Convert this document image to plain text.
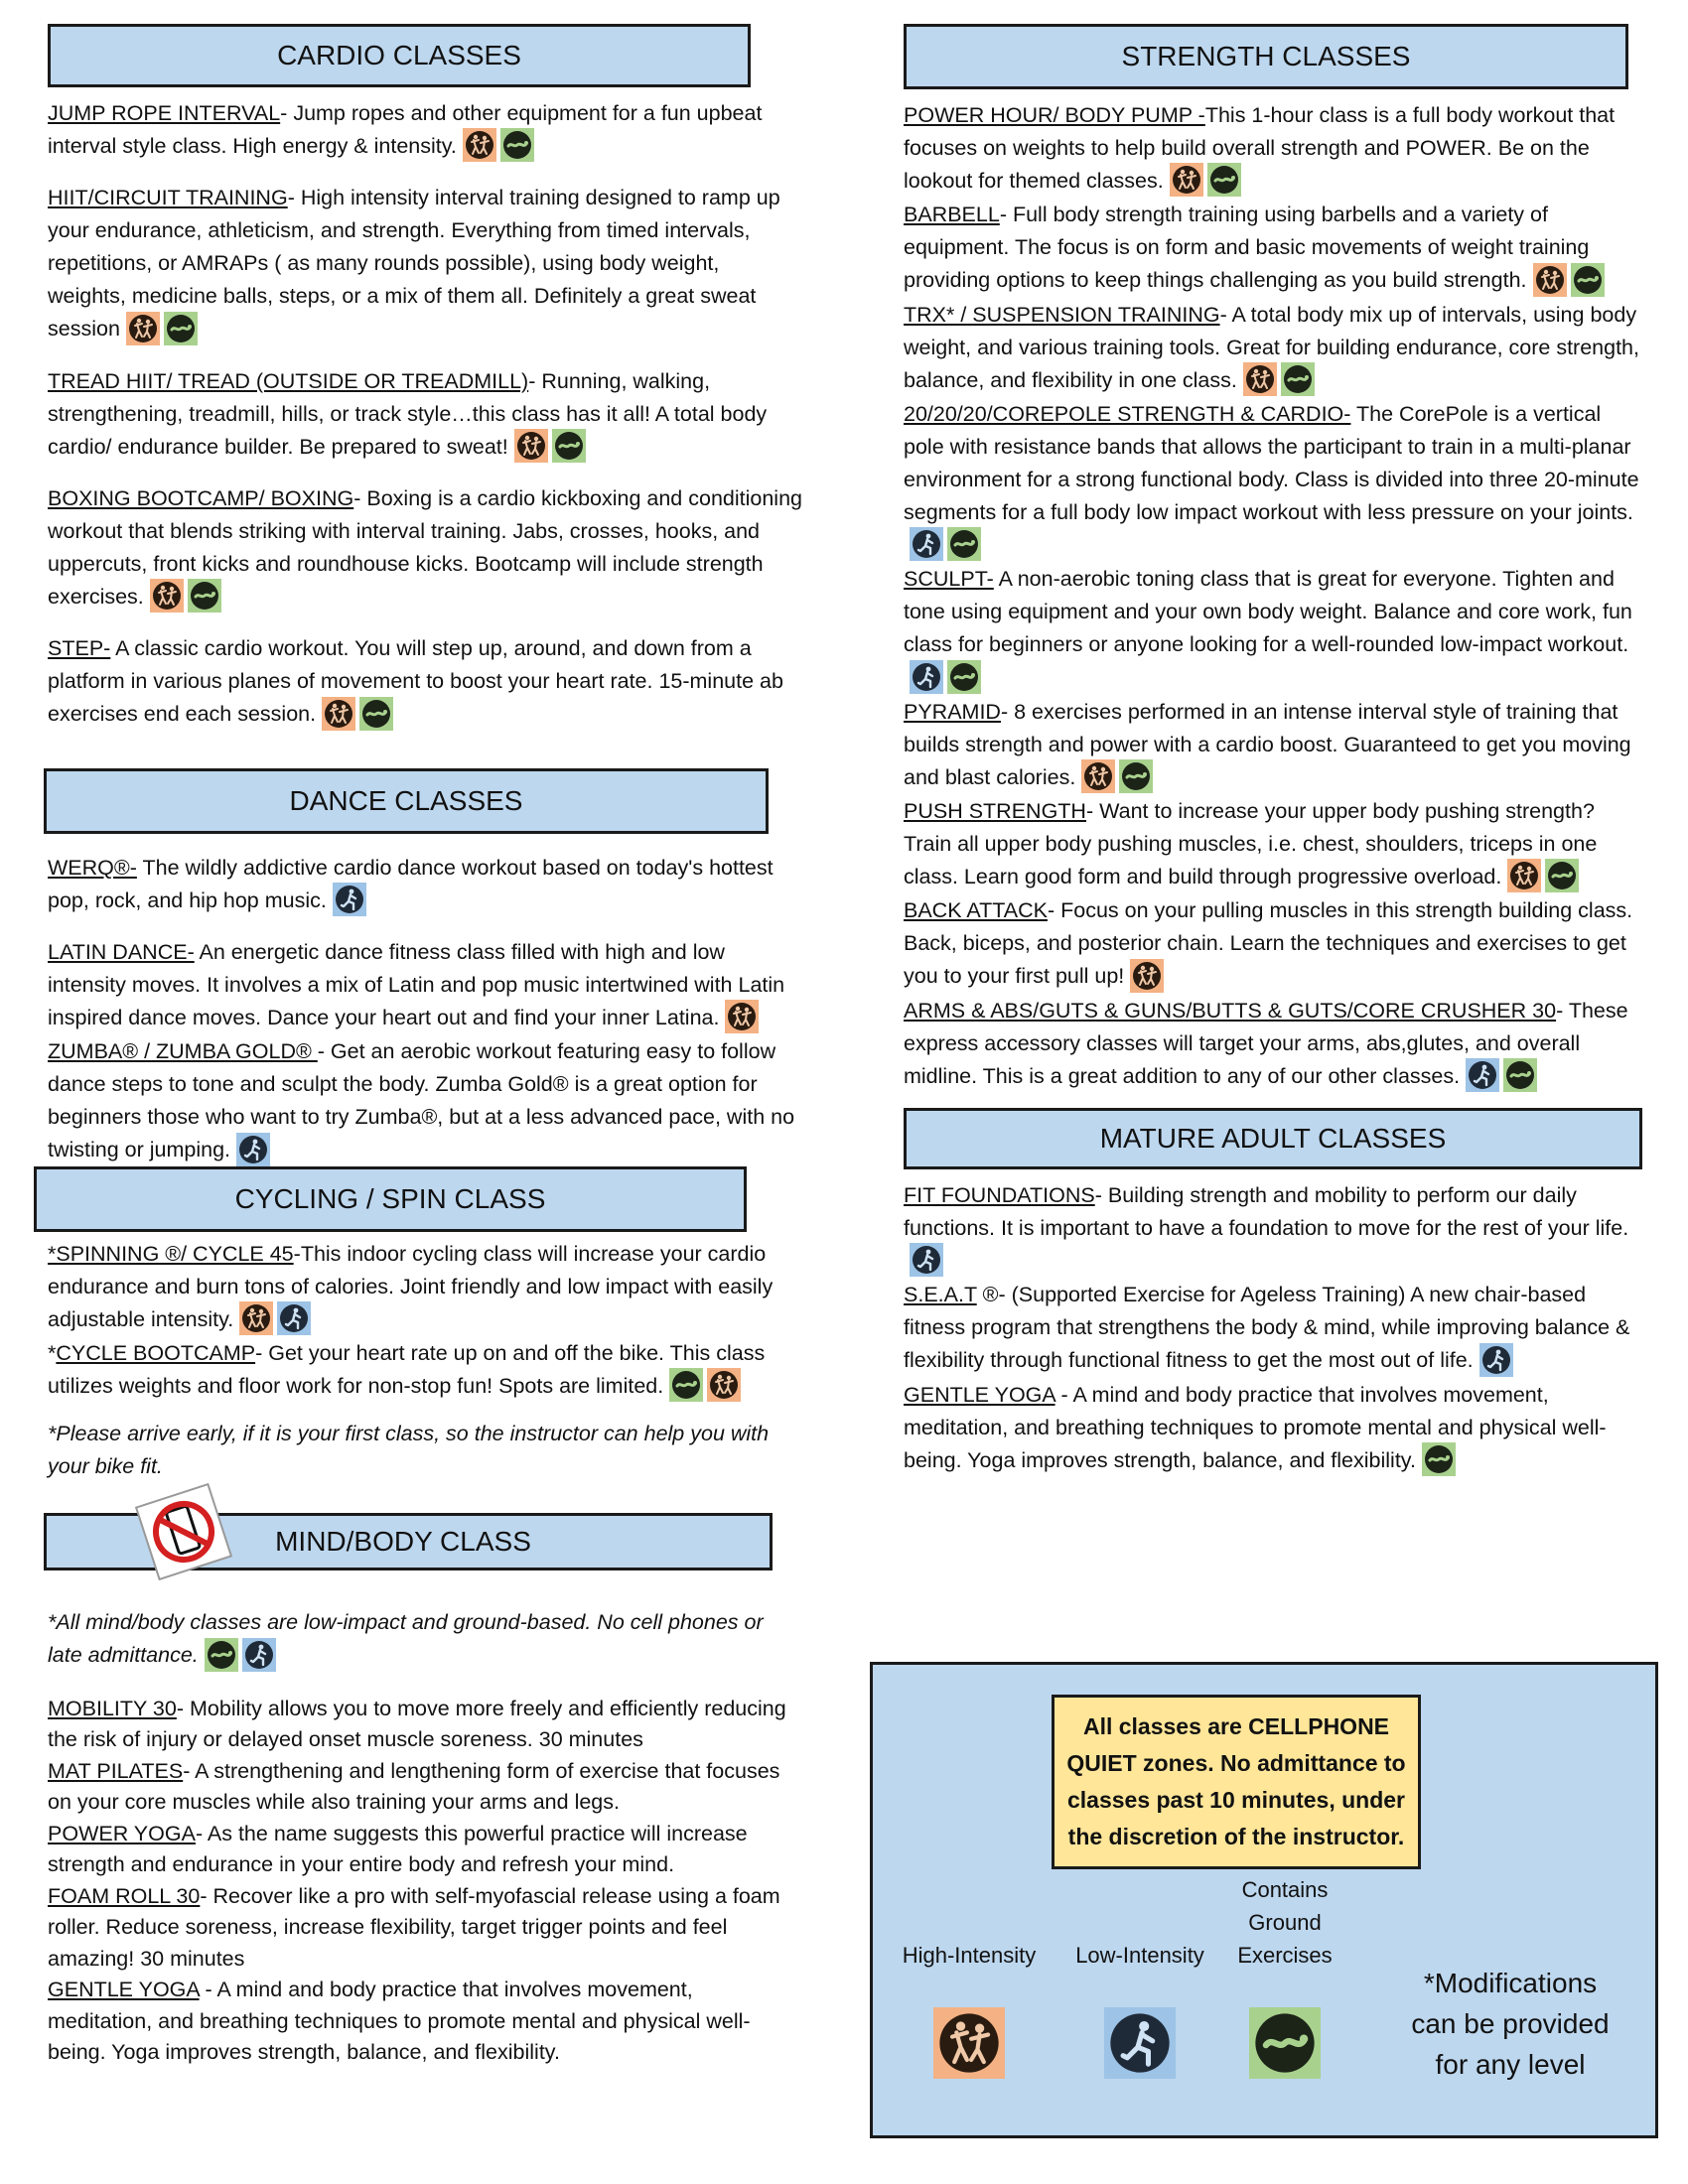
CARDIO CLASSES
JUMP ROPE INTERVAL- Jump ropes and other equipment for a fun upbeat interval style class. High energy & intensity.
HIIT/CIRCUIT TRAINING- High intensity interval training designed to ramp up your endurance, athleticism, and strength. Everything from timed intervals, repetitions, or AMRAPs ( as many rounds possible), using body weight, weights, medicine balls, steps, or a mix of them all. Definitely a great sweat session
TREAD HIIT/ TREAD (OUTSIDE OR TREADMILL)- Running, walking, strengthening, treadmill, hills, or track style…this class has it all! A total body cardio/ endurance builder. Be prepared to sweat!
BOXING BOOTCAMP/ BOXING- Boxing is a cardio kickboxing and conditioning workout that blends striking with interval training. Jabs, crosses, hooks, and uppercuts, front kicks and roundhouse kicks. Bootcamp will include strength exercises.
STEP- A classic cardio workout. You will step up, around, and down from a platform in various planes of movement to boost your heart rate. 15-minute ab exercises end each session.
DANCE CLASSES
WERQ®- The wildly addictive cardio dance workout based on today's hottest pop, rock, and hip hop music.
LATIN DANCE- An energetic dance fitness class filled with high and low intensity moves. It involves a mix of Latin and pop music intertwined with Latin inspired dance moves. Dance your heart out and find your inner Latina.
ZUMBA® / ZUMBA GOLD® - Get an aerobic workout featuring easy to follow dance steps to tone and sculpt the body. Zumba Gold® is a great option for beginners those who want to try Zumba®, but at a less advanced pace, with no twisting or jumping.
CYCLING / SPIN CLASS
*SPINNING ®/ CYCLE 45-This indoor cycling class will increase your cardio endurance and burn tons of calories. Joint friendly and low impact with easily adjustable intensity.
*CYCLE BOOTCAMP- Get your heart rate up on and off the bike. This class utilizes weights and floor work for non-stop fun! Spots are limited.
*Please arrive early, if it is your first class, so the instructor can help you with your bike fit.
MIND/BODY CLASS
*All mind/body classes are low-impact and ground-based. No cell phones or late admittance.
MOBILITY 30- Mobility allows you to move more freely and efficiently reducing the risk of injury or delayed onset muscle soreness. 30 minutes
MAT PILATES- A strengthening and lengthening form of exercise that focuses on your core muscles while also training your arms and legs.
POWER YOGA- As the name suggests this powerful practice will increase strength and endurance in your entire body and refresh your mind.
FOAM ROLL 30- Recover like a pro with self-myofascial release using a foam roller. Reduce soreness, increase flexibility, target trigger points and feel amazing! 30 minutes
GENTLE YOGA - A mind and body practice that involves movement, meditation, and breathing techniques to promote mental and physical well-being. Yoga improves strength, balance, and flexibility.
STRENGTH CLASSES
POWER HOUR/ BODY PUMP -This 1-hour class is a full body workout that focuses on weights to help build overall strength and POWER. Be on the lookout for themed classes.
BARBELL- Full body strength training using barbells and a variety of equipment. The focus is on form and basic movements of weight training providing options to keep things challenging as you build strength.
TRX* / SUSPENSION TRAINING- A total body mix up of intervals, using body weight, and various training tools. Great for building endurance, core strength, balance, and flexibility in one class.
20/20/20/COREPOLE STRENGTH & CARDIO- The CorePole is a vertical pole with resistance bands that allows the participant to train in a multi-planar environment for a strong functional body. Class is divided into three 20-minute segments for a full body low impact workout with less pressure on your joints.
SCULPT- A non-aerobic toning class that is great for everyone. Tighten and tone using equipment and your own body weight. Balance and core work, fun class for beginners or anyone looking for a well-rounded low-impact workout.
PYRAMID- 8 exercises performed in an intense interval style of training that builds strength and power with a cardio boost. Guaranteed to get you moving and blast calories.
PUSH STRENGTH- Want to increase your upper body pushing strength? Train all upper body pushing muscles, i.e. chest, shoulders, triceps in one class. Learn good form and build through progressive overload.
BACK ATTACK- Focus on your pulling muscles in this strength building class. Back, biceps, and posterior chain. Learn the techniques and exercises to get you to your first pull up!
ARMS & ABS/GUTS & GUNS/BUTTS & GUTS/CORE CRUSHER 30- These express accessory classes will target your arms, abs,glutes, and overall midline. This is a great addition to any of our other classes.
MATURE ADULT CLASSES
FIT FOUNDATIONS- Building strength and mobility to perform our daily functions. It is important to have a foundation to move for the rest of your life.
S.E.A.T ®- (Supported Exercise for Ageless Training) A new chair-based fitness program that strengthens the body & mind, while improving balance & flexibility through functional fitness to get the most out of life.
GENTLE YOGA - A mind and body practice that involves movement, meditation, and breathing techniques to promote mental and physical well-being. Yoga improves strength, balance, and flexibility.
All classes are CELLPHONE QUIET zones. No admittance to classes past 10 minutes, under the discretion of the instructor.
High-Intensity	Low-Intensity
Contains
Ground
Exercises
*Modifications can be provided for any level
